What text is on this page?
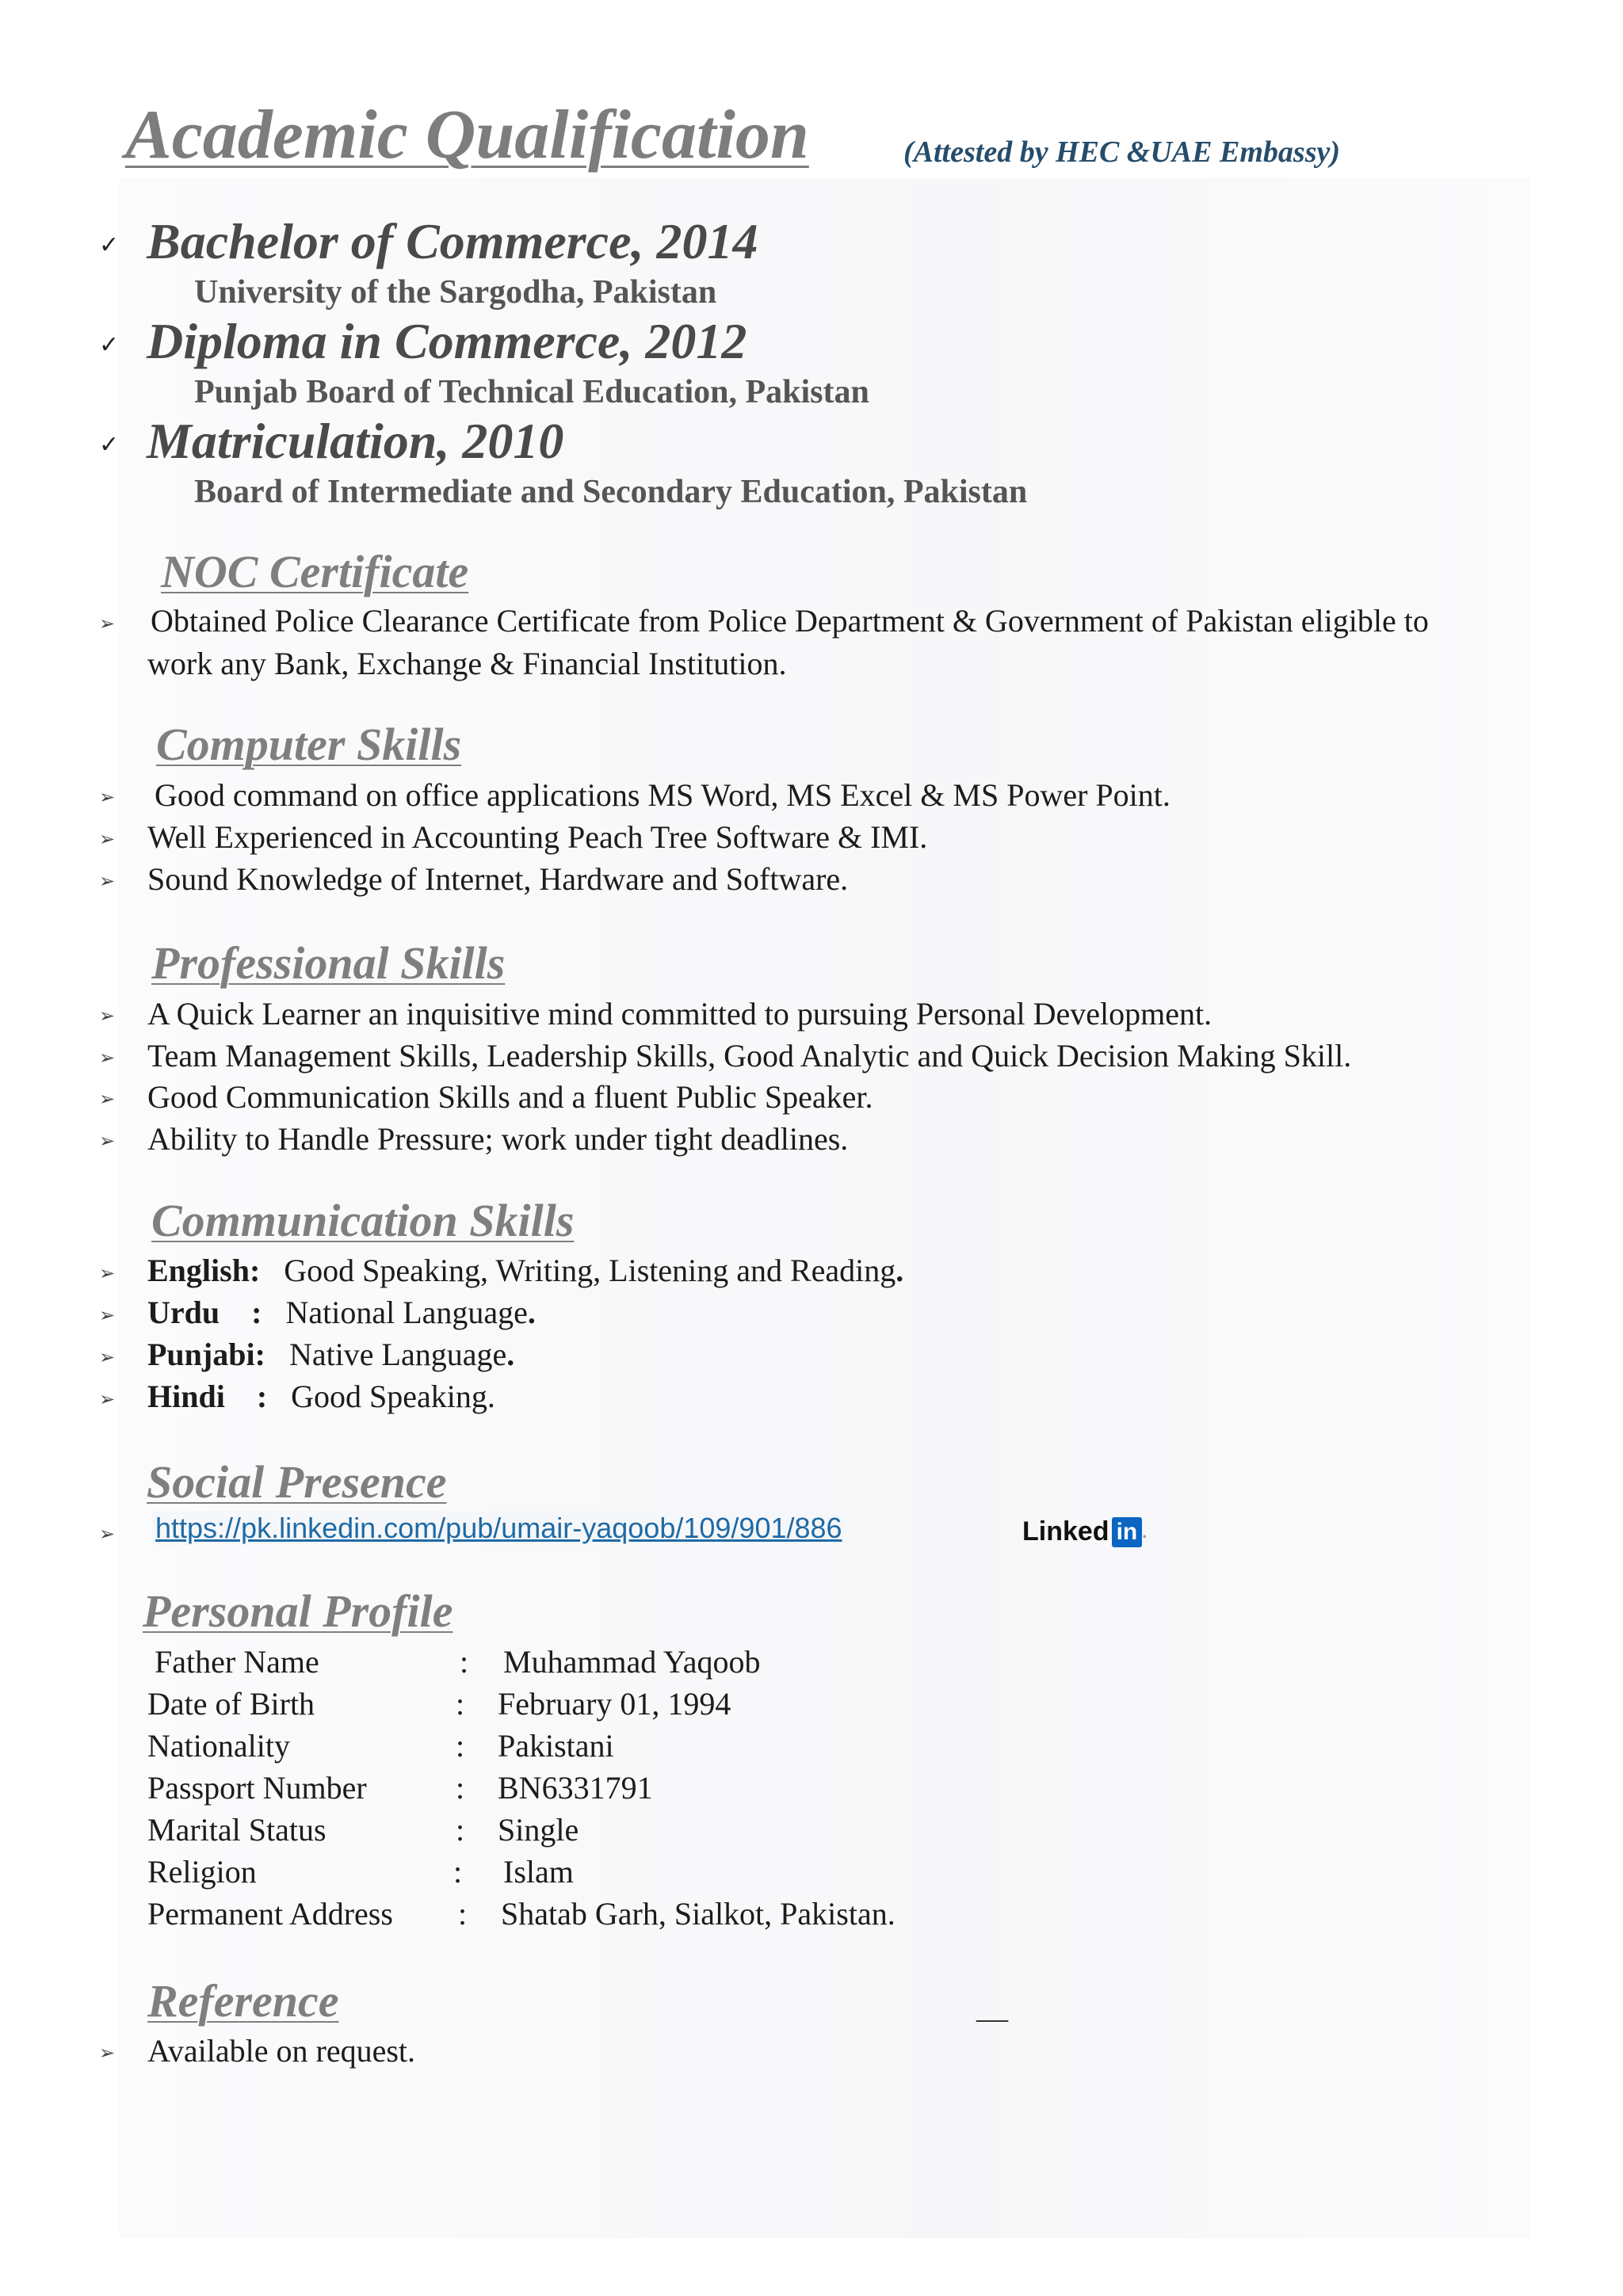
Academic Qualification	(Attested by HEC &UAE Embassy)
✓ Bachelor of Commerce, 2014
University of the Sargodha, Pakistan
✓ Diploma in Commerce, 2012
Punjab Board of Technical Education, Pakistan
✓ Matriculation, 2010
Board of Intermediate and Secondary Education, Pakistan
NOC Certificate
➢ Obtained Police Clearance Certificate from Police Department & Government of Pakistan eligible to
work any Bank, Exchange & Financial Institution.
Computer Skills
➢ Good command on office applications MS Word, MS Excel & MS Power Point.
➢ Well Experienced in Accounting Peach Tree Software & IMI.
➢ Sound Knowledge of Internet, Hardware and Software.
Professional Skills
➢ A Quick Learner an inquisitive mind committed to pursuing Personal Development.
➢ Team Management Skills, Leadership Skills, Good Analytic and Quick Decision Making Skill.
➢ Good Communication Skills and a fluent Public Speaker.
➢ Ability to Handle Pressure; work under tight deadlines.
Communication Skills
➢ English: Good Speaking, Writing, Listening and Reading.
➢ Urdu    : National Language.
➢ Punjabi: Native Language.
➢ Hindi    : Good Speaking.
Social Presence
➢ https://pk.linkedin.com/pub/umair-yaqoob/109/901/886	Linked in .
Personal Profile
Father Name	: Muhammad Yaqoob
Date of Birth	: February 01, 1994
Nationality	: Pakistani
Passport Number	: BN6331791
Marital Status	: Single
Religion	: Islam
Permanent Address : Shatab Garh, Sialkot, Pakistan.
Reference	__
➢ Available on request.
